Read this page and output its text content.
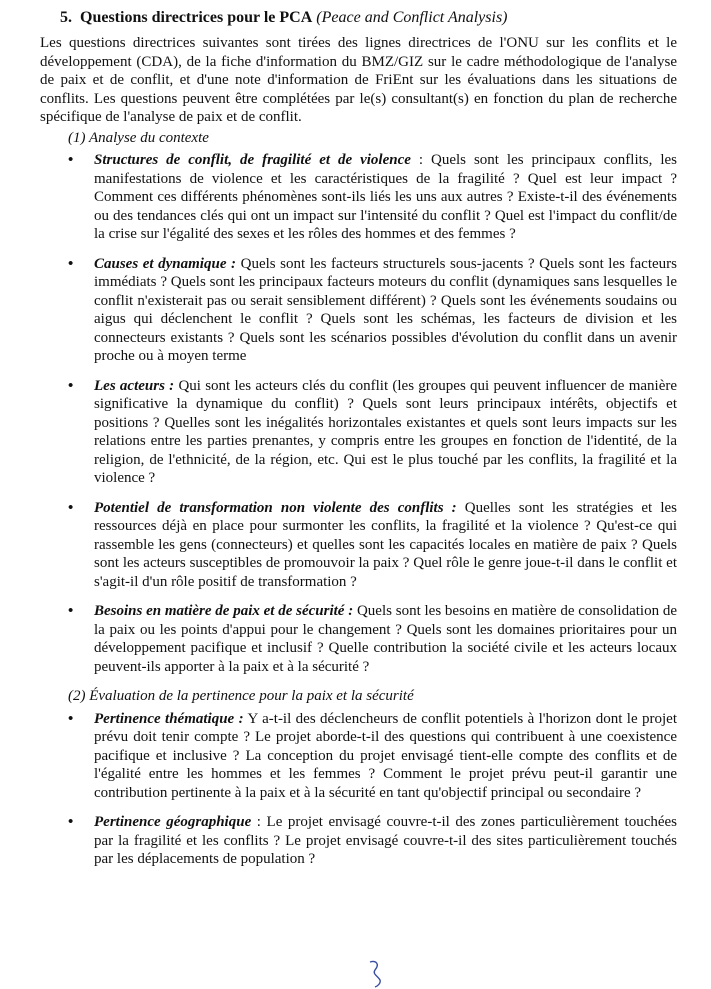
5. Questions directrices pour le PCA (Peace and Conflict Analysis)

Les questions directrices suivantes sont tirées des lignes directrices de l'ONU sur les conflits et le développement (CDA), de la fiche d'information du BMZ/GIZ sur le cadre méthodologique de l'analyse de paix et de conflit, et d'une note d'information de FriEnt sur les évaluations dans les situations de conflits. Les questions peuvent être complétées par le(s) consultant(s) en fonction du plan de recherche spécifique de l'analyse de paix et de conflit.

(1) Analyse du contexte
• Structures de conflit, de fragilité et de violence : Quels sont les principaux conflits, les manifestations de violence et les caractéristiques de la fragilité ? Quel est leur impact ? Comment ces différents phénomènes sont-ils liés les uns aux autres ? Existe-t-il des événements ou des tendances clés qui ont un impact sur l'intensité du conflit ? Quel est l'impact du conflit/de la crise sur l'égalité des sexes et les rôles des hommes et des femmes ?
• Causes et dynamique : Quels sont les facteurs structurels sous-jacents ? Quels sont les facteurs immédiats ? Quels sont les principaux facteurs moteurs du conflit (dynamiques sans lesquelles le conflit n'existerait pas ou serait sensiblement différent) ? Quels sont les événements soudains ou aigus qui déclenchent le conflit ? Quels sont les schémas, les facteurs de division et les connecteurs existants ? Quels sont les scénarios possibles d'évolution du conflit dans un avenir proche ou à moyen terme
• Les acteurs : Qui sont les acteurs clés du conflit (les groupes qui peuvent influencer de manière significative la dynamique du conflit) ? Quels sont leurs principaux intérêts, objectifs et positions ? Quelles sont les inégalités horizontales existantes et quels sont leurs impacts sur les relations entre les parties prenantes, y compris entre les groupes en fonction de l'identité, de la religion, de l'ethnicité, de la région, etc. Qui est le plus touché par les conflits, la fragilité et la violence ?
• Potentiel de transformation non violente des conflits : Quelles sont les stratégies et les ressources déjà en place pour surmonter les conflits, la fragilité et la violence ? Qu'est-ce qui rassemble les gens (connecteurs) et quelles sont les capacités locales en matière de paix ? Quels sont les acteurs susceptibles de promouvoir la paix ? Quel rôle le genre joue-t-il dans le conflit et s'agit-il d'un rôle positif de transformation ?
• Besoins en matière de paix et de sécurité : Quels sont les besoins en matière de consolidation de la paix ou les points d'appui pour le changement ? Quels sont les domaines prioritaires pour un développement pacifique et inclusif ? Quelle contribution la société civile et les acteurs locaux peuvent-ils apporter à la paix et à la sécurité ?
(2) Évaluation de la pertinence pour la paix et la sécurité
• Pertinence thématique : Y a-t-il des déclencheurs de conflit potentiels à l'horizon dont le projet prévu doit tenir compte ? Le projet aborde-t-il des questions qui contribuent à une coexistence pacifique et inclusive ? La conception du projet envisagé tient-elle compte des conflits et de l'égalité entre les hommes et les femmes ? Comment le projet prévu peut-il garantir une contribution pertinente à la paix et à la sécurité en tant qu'objectif principal ou secondaire ?
• Pertinence géographique : Le projet envisagé couvre-t-il des zones particulièrement touchées par la fragilité et les conflits ? Le projet envisagé couvre-t-il des sites particulièrement touchés par les déplacements de population ?
